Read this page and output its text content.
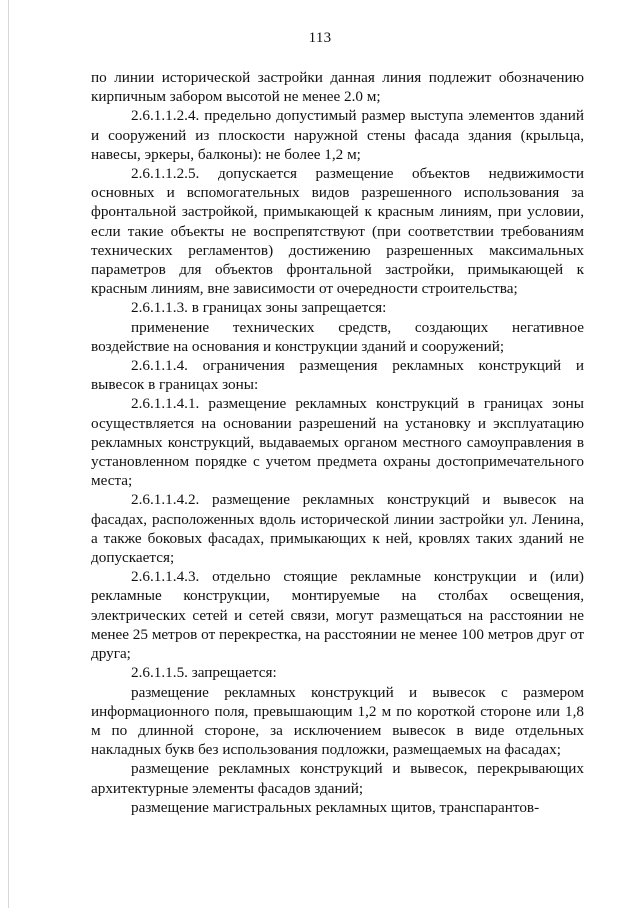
113

по линии исторической застройки данная линия подлежит обозначению кирпичным забором высотой не менее 2.0 м;

2.6.1.1.2.4. предельно допустимый размер выступа элементов зданий и сооружений из плоскости наружной стены фасада здания (крыльца, навесы, эркеры, балконы): не более 1,2 м;

2.6.1.1.2.5. допускается размещение объектов недвижимости основных и вспомогательных видов разрешенного использования за фронтальной застройкой, примыкающей к красным линиям, при условии, если такие объекты не воспрепятствуют (при соответствии требованиям технических регламентов) достижению разрешенных максимальных параметров для объектов фронтальной застройки, примыкающей к красным линиям, вне зависимости от очередности строительства;

2.6.1.1.3. в границах зоны запрещается:

применение технических средств, создающих негативное воздействие на основания и конструкции зданий и сооружений;

2.6.1.1.4. ограничения размещения рекламных конструкций и вывесок в границах зоны:

2.6.1.1.4.1. размещение рекламных конструкций в границах зоны осуществляется на основании разрешений на установку и эксплуатацию рекламных конструкций, выдаваемых органом местного самоуправления в установленном порядке с учетом предмета охраны достопримечательного места;

2.6.1.1.4.2. размещение рекламных конструкций и вывесок на фасадах, расположенных вдоль исторической линии застройки ул. Ленина, а также боковых фасадах, примыкающих к ней, кровлях таких зданий не допускается;

2.6.1.1.4.3. отдельно стоящие рекламные конструкции и (или) рекламные конструкции, монтируемые на столбах освещения, электрических сетей и сетей связи, могут размещаться на расстоянии не менее 25 метров от перекрестка, на расстоянии не менее 100 метров друг от друга;

2.6.1.1.5. запрещается:

размещение рекламных конструкций и вывесок с размером информационного поля, превышающим 1,2 м по короткой стороне или 1,8 м по длинной стороне, за исключением вывесок в виде отдельных накладных букв без использования подложки, размещаемых на фасадах;

размещение рекламных конструкций и вывесок, перекрывающих архитектурные элементы фасадов зданий;

размещение магистральных рекламных щитов, транспарантов-
